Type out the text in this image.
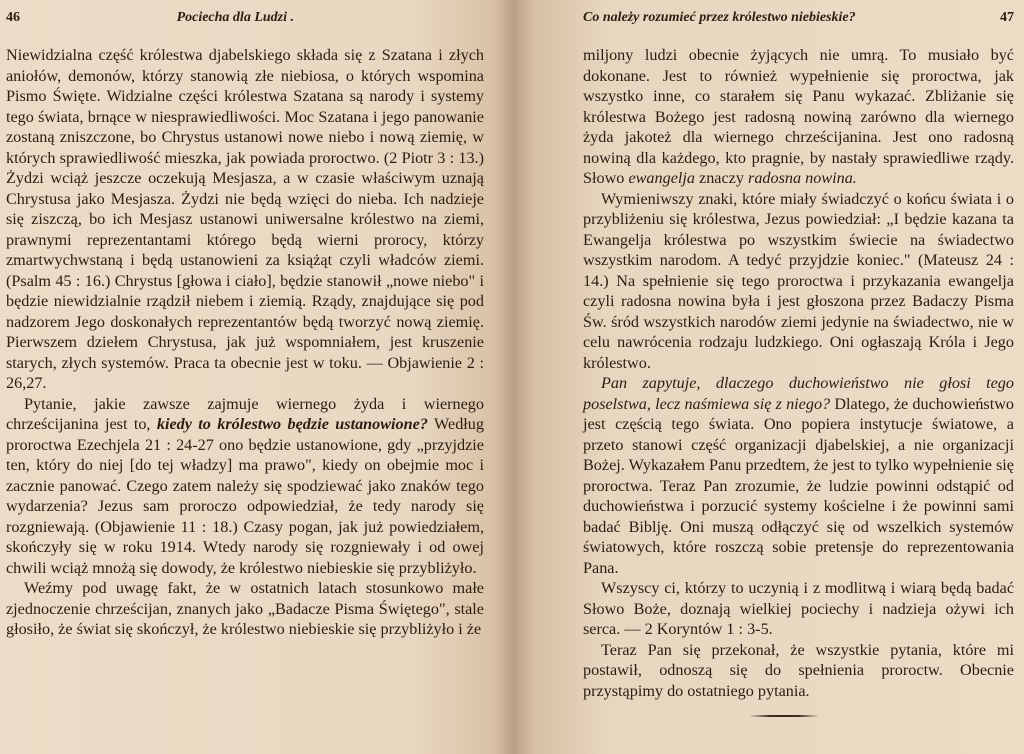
46	Pociecha dla Ludzi .

Niewidzialna część królestwa djabelskiego składa się z Szatana i złych aniołów, demonów, którzy stanowią złe niebiosa, o których wspomina Pismo Święte. Widzialne części królestwa Szatana są narody i systemy tego świata, brnące w niesprawiedliwości. Moc Szatana i jego panowanie zostaną zniszczone, bo Chrystus ustanowi nowe niebo i nową ziemię, w których sprawiedliwość mieszka, jak powiada proroctwo. (2 Piotr 3 : 13.) Żydzi wciąż jeszcze oczekują Mesjasza, a w czasie właściwym uznają Chrystusa jako Mesjasza. Żydzi nie będą wzięci do nieba. Ich nadzieje się ziszczą, bo ich Mesjasz ustanowi uniwersalne królestwo na ziemi, prawnymi reprezentantami którego będą wierni prorocy, którzy zmartwychwstaną i będą ustanowieni za książąt czyli władców ziemi. (Psalm 45 : 16.) Chrystus [głowa i ciało], będzie stanowił „nowe niebo" i będzie niewidzialnie rządził niebem i ziemią. Rządy, znajdujące się pod nadzorem Jego doskonałych reprezentantów będą tworzyć nową ziemię. Pierwszem dziełem Chrystusa, jak już wspomniałem, jest kruszenie starych, złych systemów. Praca ta obecnie jest w toku. — Objawienie 2 : 26,27.

Pytanie, jakie zawsze zajmuje wiernego żyda i wiernego chrześcijanina jest to, kiedy to królestwo będzie ustanowione? Według proroctwa Ezechjela 21 : 24-27 ono będzie ustanowione, gdy „przyjdzie ten, który do niej [do tej władzy] ma prawo", kiedy on obejmie moc i zacznie panować. Czego zatem należy się spodziewać jako znaków tego wydarzenia? Jezus sam proroczo odpowiedział, że tedy narody się rozgniewają. (Objawienie 11 : 18.) Czasy pogan, jak już powiedziałem, skończyły się w roku 1914. Wtedy narody się rozgniewały i od owej chwili wciąż mnożą się dowody, że królestwo niebieskie się przybliżyło.

Weźmy pod uwagę fakt, że w ostatnich latach stosunkowo małe zjednoczenie chrześcijan, znanych jako „Badacze Pisma Świętego", stale głosiło, że świat się skończył, że królestwo niebieskie się przybliżyło i że

Co należy rozumieć przez królestwo niebieskie?	47

miljony ludzi obecnie żyjących nie umrą. To musiało być dokonane. Jest to również wypełnienie się proroctwa, jak wszystko inne, co starałem się Panu wykazać. Zbliżanie się królestwa Bożego jest radosną nowiną zarówno dla wiernego żyda jakoteż dla wiernego chrześcijanina. Jest ono radosną nowiną dla każdego, kto pragnie, by nastały sprawiedliwe rządy. Słowo ewangelja znaczy radosna nowina.

Wymieniwszy znaki, które miały świadczyć o końcu świata i o przybliżeniu się królestwa, Jezus powiedział: „I będzie kazana ta Ewangelja królestwa po wszystkim świecie na świadectwo wszystkim narodom. A tedyć przyjdzie koniec." (Mateusz 24 : 14.) Na spełnienie się tego proroctwa i przykazania ewangelja czyli radosna nowina była i jest głoszona przez Badaczy Pisma Św. śród wszystkich narodów ziemi jedynie na świadectwo, nie w celu nawrócenia rodzaju ludzkiego. Oni ogłaszają Króla i Jego królestwo.

Pan zapytuje, dlaczego duchowieństwo nie głosi tego poselstwa, lecz naśmiewa się z niego? Dlatego, że duchowieństwo jest częścią tego świata. Ono popiera instytucje światowe, a przeto stanowi część organizacji djabelskiej, a nie organizacji Bożej. Wykazałem Panu przedtem, że jest to tylko wypełnienie się proroctwa. Teraz Pan zrozumie, że ludzie powinni odstąpić od duchowieństwa i porzucić systemy kościelne i że powinni sami badać Biblję. Oni muszą odłączyć się od wszelkich systemów światowych, które roszczą sobie pretensje do reprezentowania Pana.

Wszyscy ci, którzy to uczynią i z modlitwą i wiarą będą badać Słowo Boże, doznają wielkiej pociechy i nadzieja ożywi ich serca. — 2 Koryntów 1 : 3-5.

Teraz Pan się przekonał, że wszystkie pytania, które mi postawił, odnoszą się do spełnienia proroctw. Obecnie przystąpimy do ostatniego pytania.
